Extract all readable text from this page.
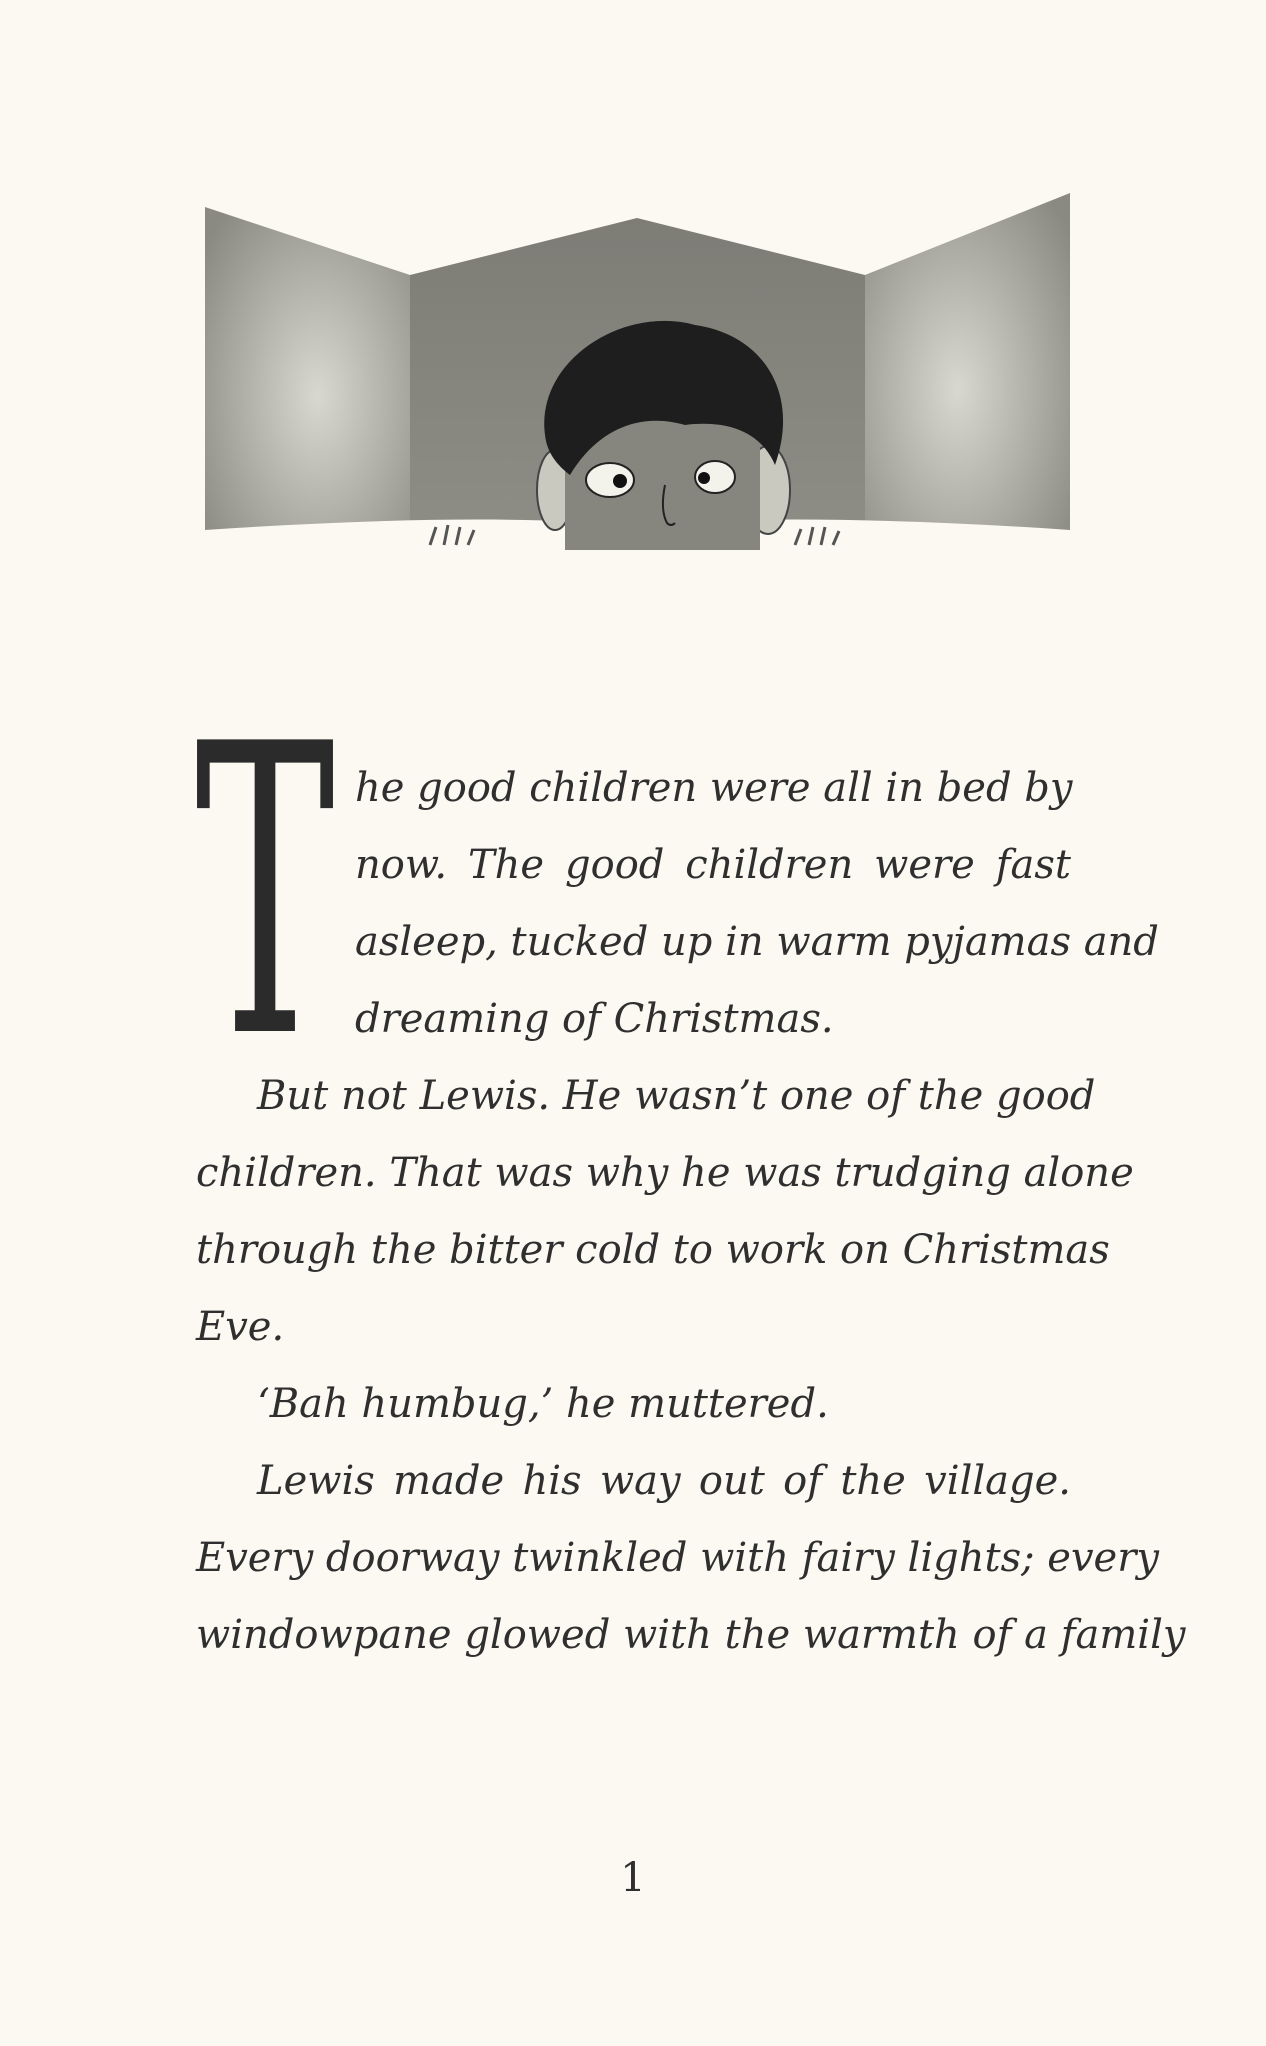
T he good children were all in bed by
now. The good children were fast
asleep, tucked up in warm pyjamas and
dreaming of Christmas.
But not Lewis. He wasn’t one of the good
children. That was why he was trudging alone
through the bitter cold to work on Christmas
Eve.
‘Bah humbug,’ he muttered.
Lewis made his way out of the village.
Every doorway twinkled with fairy lights; every
windowpane glowed with the warmth of a family
1
